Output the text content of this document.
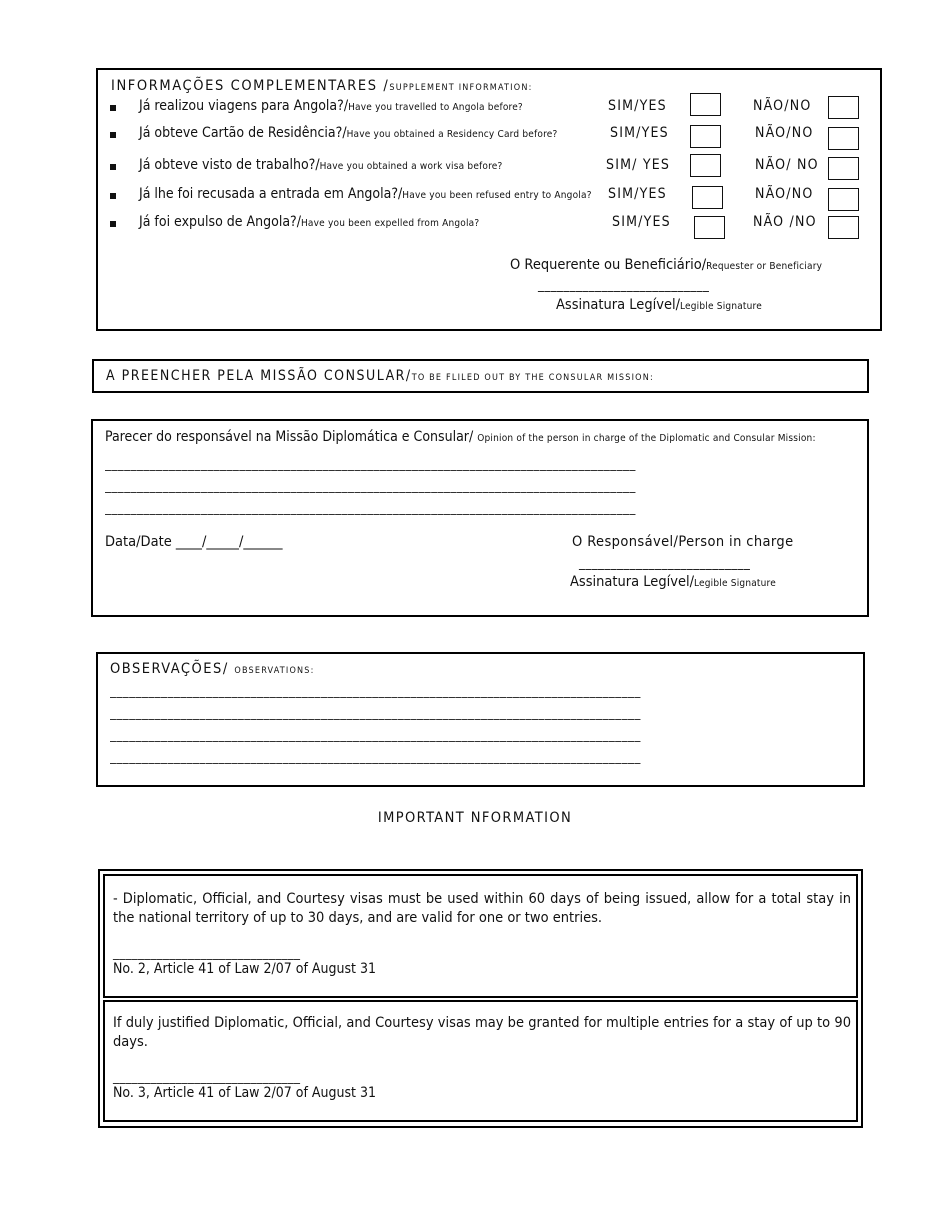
INFORMAÇÕES COMPLEMENTARES /SUPPLEMENT INFORMATION:
Já realizou viagens para Angola?/Have you travelled to Angola before?	SIM/YES	NÃO/NO
Já obteve Cartão de Residência?/Have you obtained a Residency Card before?	SIM/YES	NÃO/NO
Já obteve visto de trabalho?/Have you obtained a work visa before?	SIM/ YES	NÃO/ NO
Já lhe foi recusada a entrada em Angola?/Have you been refused entry to Angola? SIM/YES	NÃO/NO
Já foi expulso de Angola?/Have you been expelled from Angola?	SIM/YES	NÃO /NO
O Requerente ou Beneficiário/Requester or Beneficiary
___________________________
Assinatura Legível/Legible Signature
A PREENCHER PELA MISSÃO CONSULAR/TO BE FLILED OUT BY THE CONSULAR MISSION:
Parecer do responsável na Missão Diplomática e Consular/ Opinion of the person in charge of the Diplomatic and Consular Mission:
___________________________________________________________________________________
___________________________________________________________________________________
___________________________________________________________________________________
Data/Date ____/_____/______	O Responsável/Person in charge
___________________________
Assinatura Legível/Legible Signature
OBSERVAÇÕES/ OBSERVATIONS:
___________________________________________________________________________________
___________________________________________________________________________________
___________________________________________________________________________________
___________________________________________________________________________________
IMPORTANT NFORMATION
- Diplomatic, Official, and Courtesy visas must be used within 60 days of being issued, allow for a total stay in the national territory of up to 30 days, and are valid for one or two entries.
______________________________
No. 2, Article 41 of Law 2/07 of August 31
If duly justified Diplomatic, Official, and Courtesy visas may be granted for multiple entries for a stay of up to 90 days.
______________________________
No. 3, Article 41 of Law 2/07 of August 31
